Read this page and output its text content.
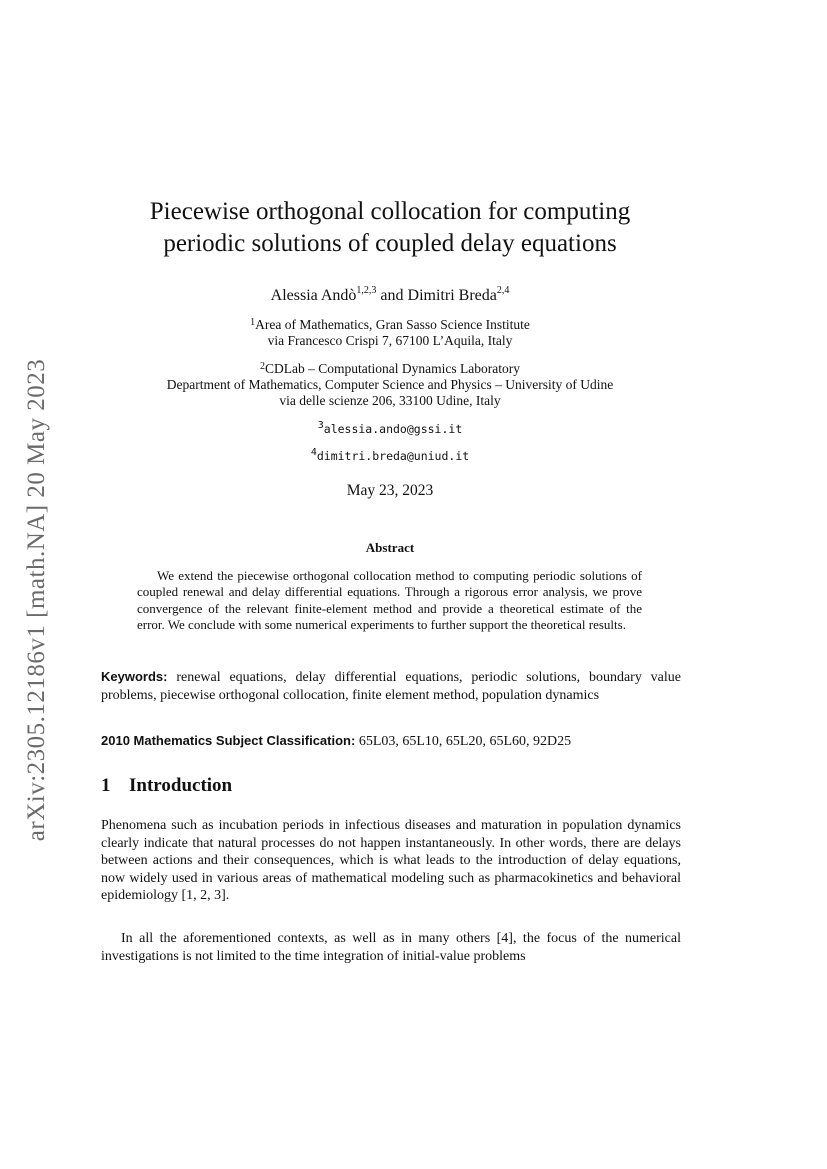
arXiv:2305.12186v1 [math.NA] 20 May 2023
Piecewise orthogonal collocation for computing
periodic solutions of coupled delay equations
Alessia Andò$^{1,2,3}$ and Dimitri Breda$^{2,4}$
$^1$Area of Mathematics, Gran Sasso Science Institute
via Francesco Crispi 7, 67100 L’Aquila, Italy
$^2$CDLab – Computational Dynamics Laboratory
Department of Mathematics, Computer Science and Physics – University of Udine
via delle scienze 206, 33100 Udine, Italy
$^3$alessia.ando@gssi.it
$^4$dimitri.breda@uniud.it
May 23, 2023
Abstract

We extend the piecewise orthogonal collocation method to computing periodic solutions of coupled renewal and delay differential equations. Through a rigorous error analysis, we prove convergence of the relevant finite-element method and provide a theoretical estimate of the error. We conclude with some numerical experiments to further support the theoretical results.

Keywords: renewal equations, delay differential equations, periodic solutions, boundary value problems, piecewise orthogonal collocation, finite element method, population dynamics

2010 Mathematics Subject Classification: 65L03, 65L10, 65L20, 65L60, 92D25

1 Introduction

Phenomena such as incubation periods in infectious diseases and maturation in population dynamics clearly indicate that natural processes do not happen instantaneously. In other words, there are delays between actions and their consequences, which is what leads to the introduction of delay equations, now widely used in various areas of mathematical modeling such as pharmacokinetics and behavioral epidemiology [1, 2, 3].

In all the aforementioned contexts, as well as in many others [4], the focus of the numerical investigations is not limited to the time integration of initial-value problems
